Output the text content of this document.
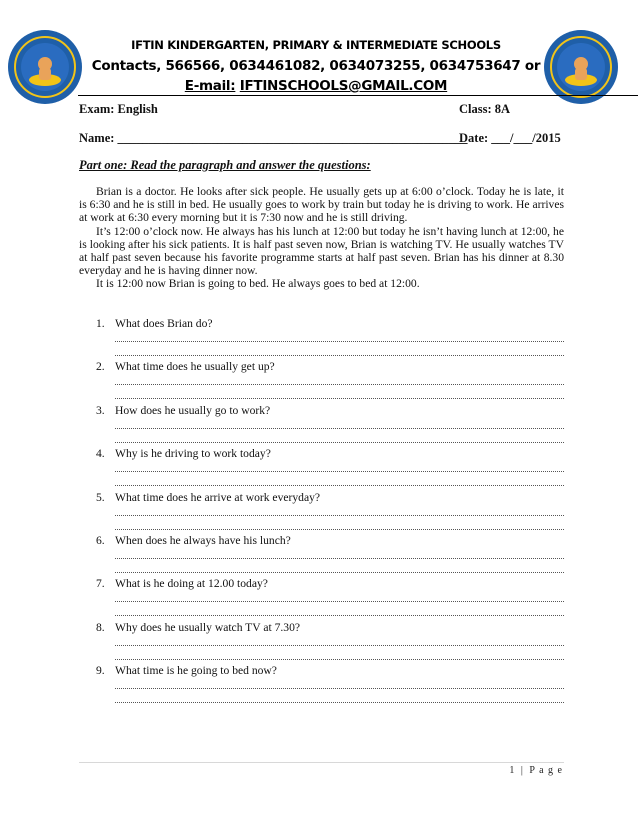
IFTIN KINDERGARTEN, PRIMARY & INTERMEDIATE SCHOOLS
Contacts, 566566, 0634461082, 0634073255, 0634753647 or
E-mail: IFTINSCHOOLS@GMAIL.COM
Exam: English	Class: 8A
Name: ________________________________________________________
Date: ___/___/2015
Part one: Read the paragraph and answer the questions:

Brian is a doctor. He looks after sick people. He usually gets up at 6:00 o’clock. Today he is late, it is 6:30 and he is still in bed. He usually goes to work by train but today he is driving to work. He arrives at work at 6:30 every morning but it is 7:30 now and he is still driving.

It’s 12:00 o’clock now. He always has his lunch at 12:00 but today he isn’t having lunch at 12:00, he is looking after his sick patients. It is half past seven now, Brian is watching TV. He usually watches TV at half past seven because his favorite programme starts at half past seven. Brian has his dinner at 8.30 everyday and he is having dinner now.

It is 12:00 now Brian is going to bed. He always goes to bed at 12:00.

1. What does Brian do?
2. What time does he usually get up?
3. How does he usually go to work?
4. Why is he driving to work today?
5. What time does he arrive at work everyday?
6. When does he always have his lunch?
7. What is he doing at 12.00 today?
8. Why does he usually watch TV at 7.30?
9. What time is he going to bed now?
1 | P a g e
